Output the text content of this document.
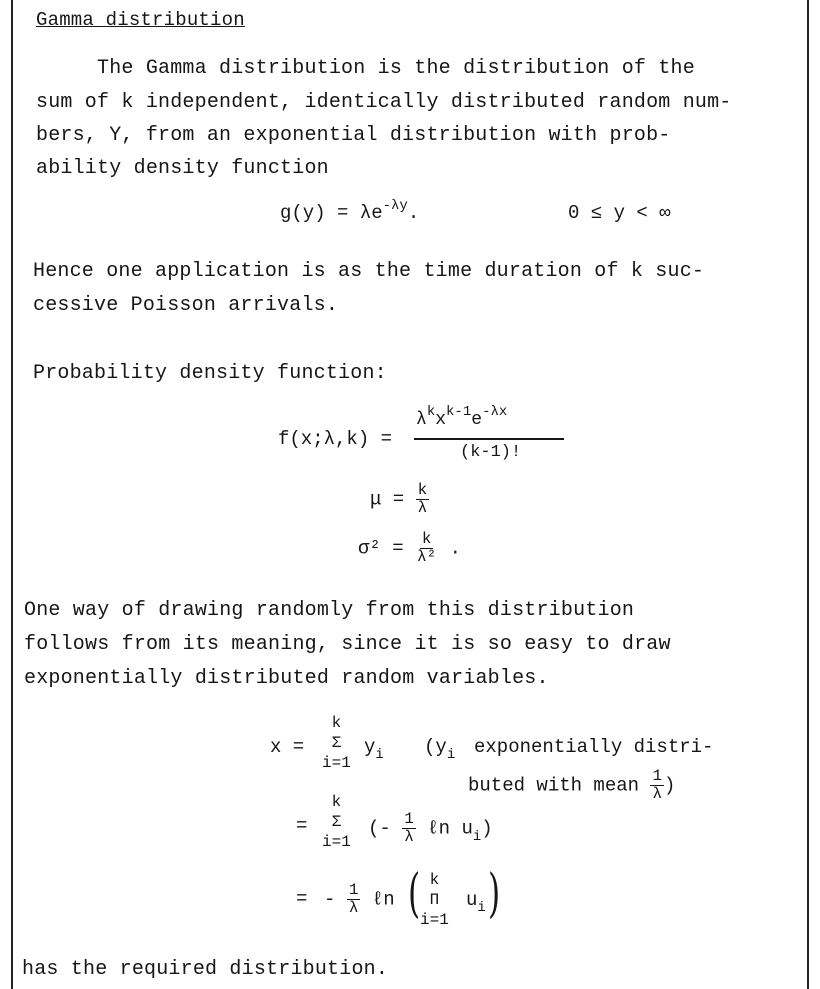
Gamma distribution
The Gamma distribution is the distribution of the
sum of k independent, identically distributed random num-
bers, Y, from an exponential distribution with prob-
ability density function
$g(y) = \lambda e^{-\lambda y}$.	0 ≤ y < ∞
Hence one application is as the time duration of k suc-
cessive Poisson arrivals.
Probability density function:
f(x;λ,k) =
$\lambda^kx^{k-1}e^{-\lambda x}$
(k-1)!
$\mu = \frac{k}{\lambda}$
$\sigma^2 = \frac{k}{\text{λ²}}$ .
One way of drawing randomly from this distribution
follows from its meaning, since it is so easy to draw
exponentially distributed random variables.
x =
k
Σ
i=1
$y_i$ ($y_i$ exponentially distri-
buted with mean $\frac{1}{\lambda}$ )
=
k
Σ
i=1
(- $\frac{1}{\lambda}$ ℓn $u_i$)
= - $\frac{1}{\lambda}$ ℓn ( k
Π
i=1
$u_i$ )
has the required distribution.
